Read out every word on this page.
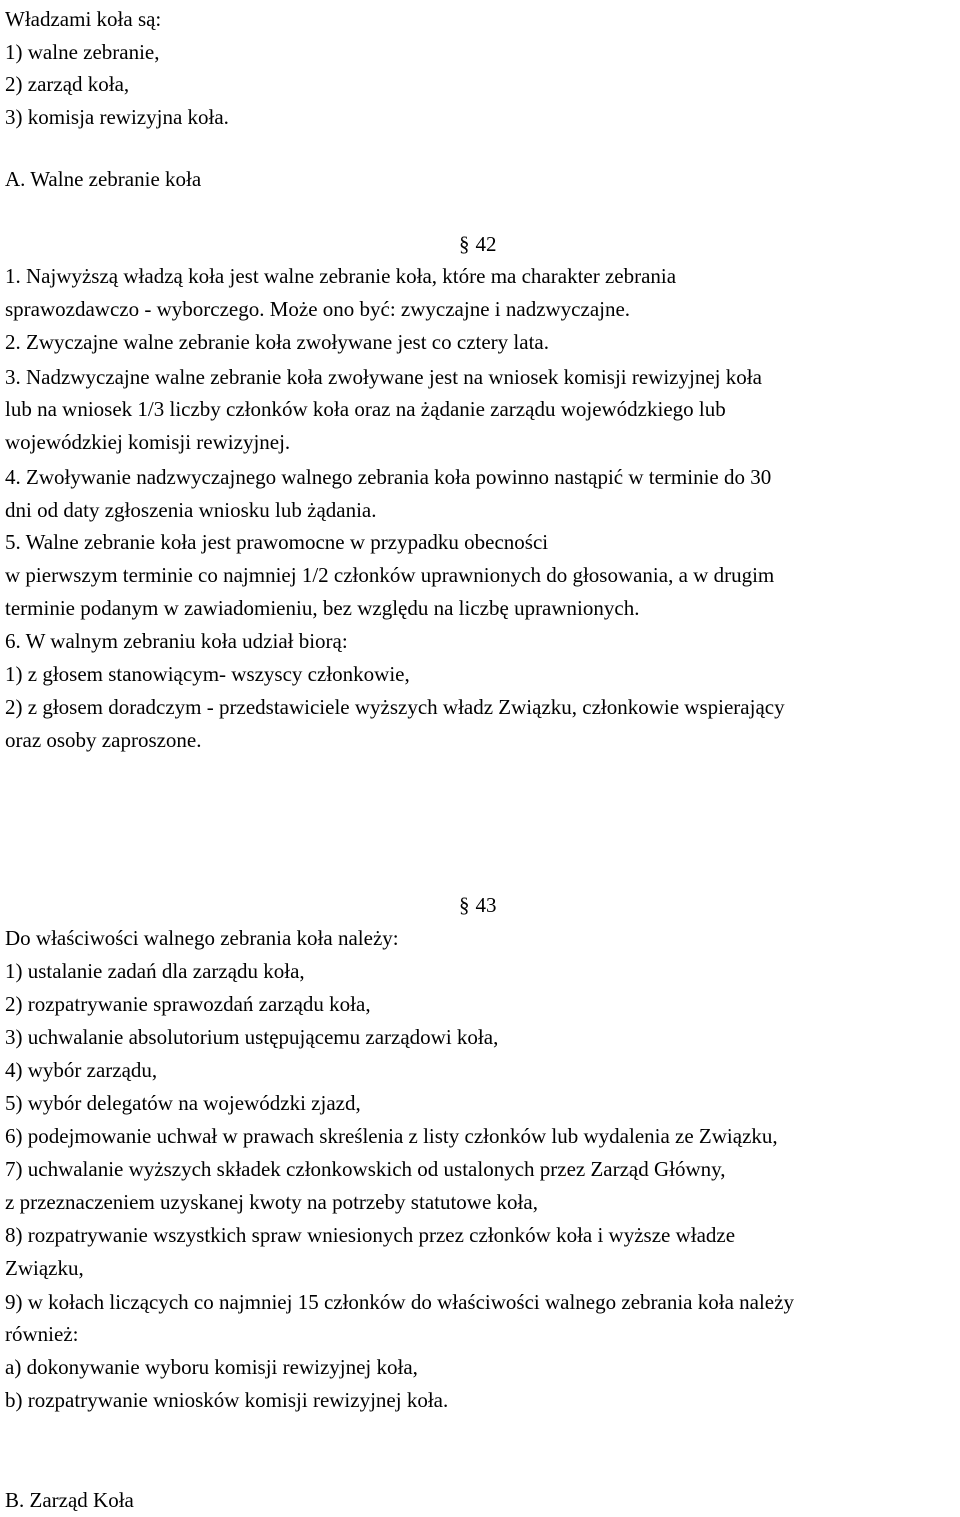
Władzami koła są:
1) walne zebranie,
2) zarząd koła,
3) komisja rewizyjna koła.
A. Walne zebranie koła
§ 42
1. Najwyższą władzą koła jest walne zebranie koła, które ma charakter zebrania
sprawozdawczo - wyborczego. Może ono być: zwyczajne i nadzwyczajne.
2. Zwyczajne walne zebranie koła zwoływane jest co cztery lata.
3. Nadzwyczajne walne zebranie koła zwoływane jest na wniosek komisji rewizyjnej koła
lub na wniosek 1/3 liczby członków koła oraz na żądanie zarządu wojewódzkiego lub
wojewódzkiej komisji rewizyjnej.
4. Zwoływanie nadzwyczajnego walnego zebrania koła powinno nastąpić w terminie do 30
dni od daty zgłoszenia wniosku lub żądania.
5. Walne zebranie koła jest prawomocne w przypadku obecności
w pierwszym terminie co najmniej 1/2 członków uprawnionych do głosowania, a w drugim
terminie podanym w zawiadomieniu, bez względu na liczbę uprawnionych.
6. W walnym zebraniu koła udział biorą:
1) z głosem stanowiącym- wszyscy członkowie,
2) z głosem doradczym - przedstawiciele wyższych władz Związku, członkowie wspierający
oraz osoby zaproszone.
§ 43
Do właściwości walnego zebrania koła należy:
1) ustalanie zadań dla zarządu koła,
2) rozpatrywanie sprawozdań zarządu koła,
3) uchwalanie absolutorium ustępującemu zarządowi koła,
4) wybór zarządu,
5) wybór delegatów na wojewódzki zjazd,
6) podejmowanie uchwał w prawach skreślenia z listy członków lub wydalenia ze Związku,
7) uchwalanie wyższych składek członkowskich od ustalonych przez Zarząd Główny,
z przeznaczeniem uzyskanej kwoty na potrzeby statutowe koła,
8) rozpatrywanie wszystkich spraw wniesionych przez członków koła i wyższe władze
Związku,
9) w kołach liczących co najmniej 15 członków do właściwości walnego zebrania koła należy
również:
a) dokonywanie wyboru komisji rewizyjnej koła,
b) rozpatrywanie wniosków komisji rewizyjnej koła.
B. Zarząd Koła
